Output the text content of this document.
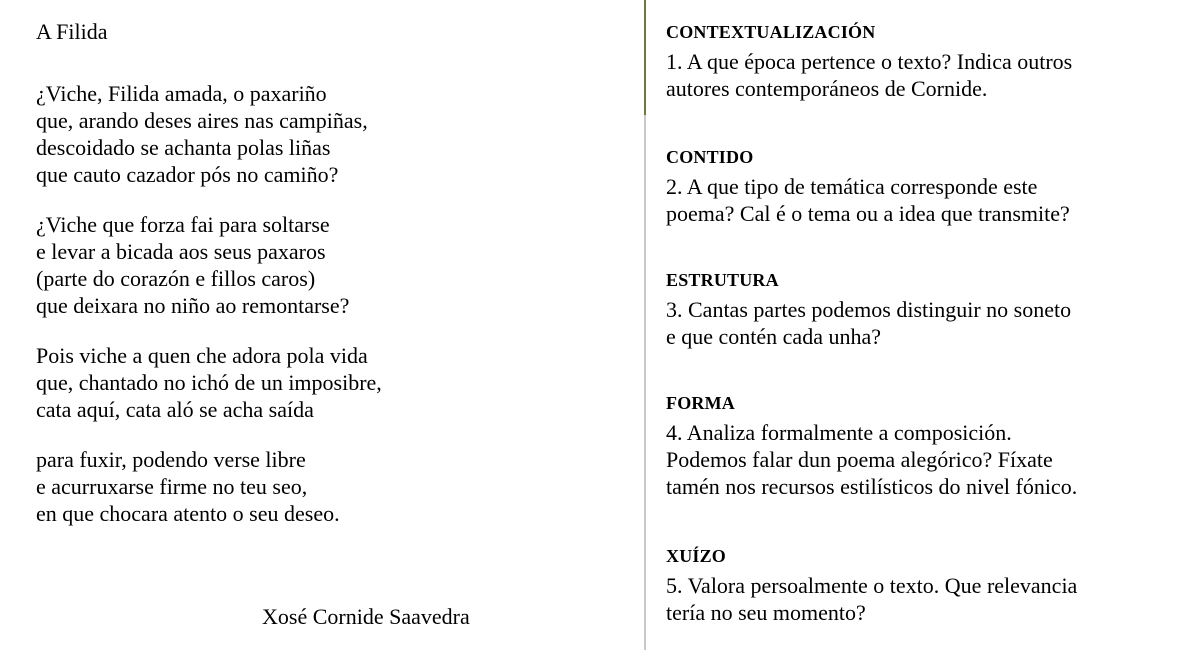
A Filida
¿Viche, Filida amada, o paxariño
que, arando deses aires nas campiñas,
descoidado se achanta polas liñas
que cauto cazador pós no camiño?
¿Viche que forza fai para soltarse
e levar a bicada aos seus paxaros
(parte do corazón e fillos caros)
que deixara no niño ao remontarse?
Pois viche a quen che adora pola vida
que, chantado no ichó de un imposibre,
cata aquí, cata aló se acha saída
para fuxir, podendo verse libre
e acurruxarse firme no teu seo,
en que chocara atento o seu deseo.
Xosé Cornide Saavedra
CONTEXTUALIZACIÓN
1. A que época pertence o texto? Indica outros
autores contemporáneos de Cornide.
CONTIDO
2. A que tipo de temática corresponde este
poema? Cal é o tema ou a idea que transmite?
ESTRUTURA
3. Cantas partes podemos distinguir no soneto
e que contén cada unha?
FORMA
4. Analiza formalmente a composición.
Podemos falar dun poema alegórico? Fíxate
tamén nos recursos estilísticos do nivel fónico.
XUÍZO
5. Valora persoalmente o texto. Que relevancia
tería no seu momento?
